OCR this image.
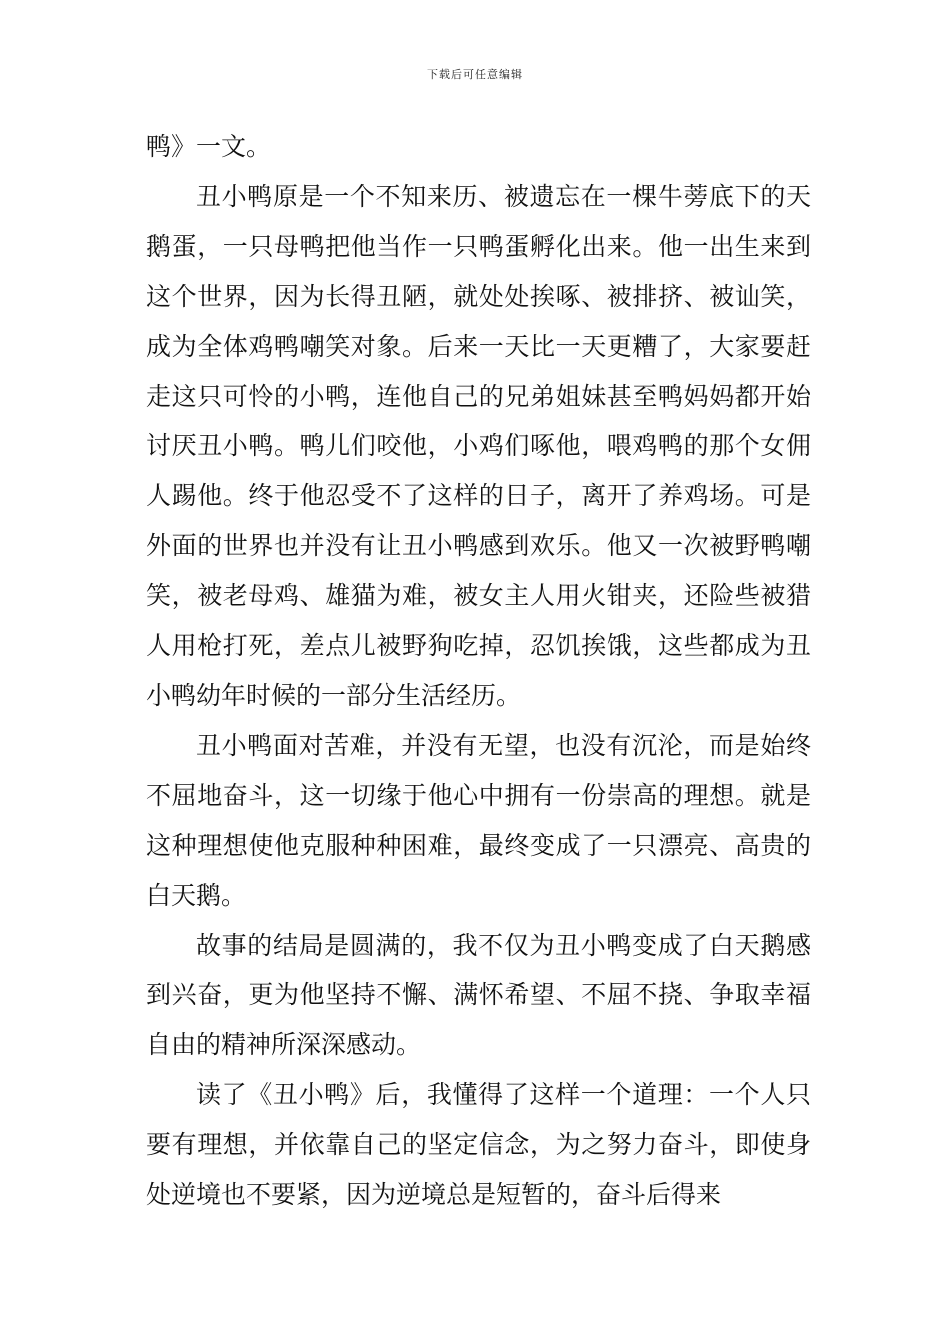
下载后可任意编辑

鸭》一文。

丑小鸭原是一个不知来历、被遗忘在一棵牛蒡底下的天鹅蛋，一只母鸭把他当作一只鸭蛋孵化出来。他一出生来到这个世界，因为长得丑陋，就处处挨啄、被排挤、被讪笑，成为全体鸡鸭嘲笑对象。后来一天比一天更糟了，大家要赶走这只可怜的小鸭，连他自己的兄弟姐妹甚至鸭妈妈都开始讨厌丑小鸭。鸭儿们咬他，小鸡们啄他，喂鸡鸭的那个女佣人踢他。终于他忍受不了这样的日子，离开了养鸡场。可是外面的世界也并没有让丑小鸭感到欢乐。他又一次被野鸭嘲笑，被老母鸡、雄猫为难，被女主人用火钳夹，还险些被猎人用枪打死，差点儿被野狗吃掉，忍饥挨饿，这些都成为丑小鸭幼年时候的一部分生活经历。

丑小鸭面对苦难，并没有无望，也没有沉沦，而是始终不屈地奋斗，这一切缘于他心中拥有一份崇高的理想。就是这种理想使他克服种种困难，最终变成了一只漂亮、高贵的白天鹅。

故事的结局是圆满的，我不仅为丑小鸭变成了白天鹅感到兴奋，更为他坚持不懈、满怀希望、不屈不挠、争取幸福自由的精神所深深感动。

读了《丑小鸭》后，我懂得了这样一个道理：一个人只要有理想，并依靠自己的坚定信念，为之努力奋斗，即使身处逆境也不要紧，因为逆境总是短暂的，奋斗后得来
